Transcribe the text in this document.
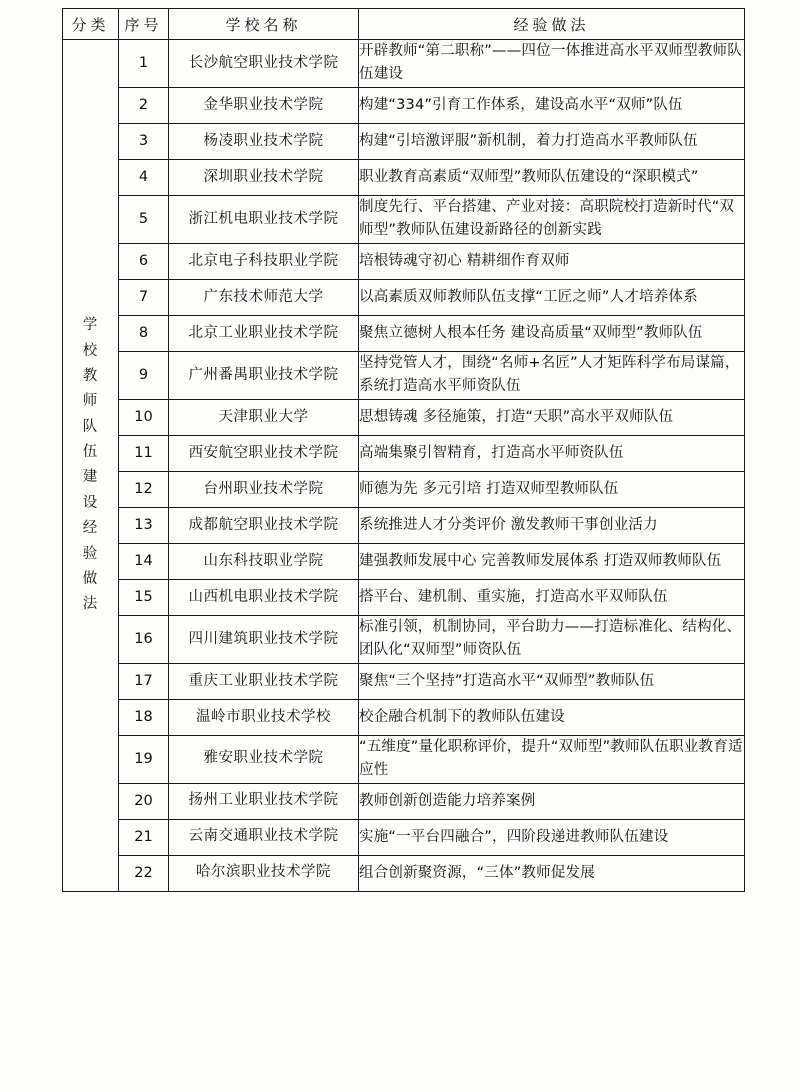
分类	序号	学校名称	经验做法

学校教师队伍建设经验做法	1	长沙航空职业技术学院	开辟教师“第二职称”——四位一体推进高水平双师型教师队伍建设
	2	金华职业技术学院	构建“334”引育工作体系，建设高水平“双师”队伍
	3	杨凌职业技术学院	构建“引培激评服”新机制，着力打造高水平教师队伍
	4	深圳职业技术学院	职业教育高素质“双师型”教师队伍建设的“深职模式”
	5	浙江机电职业技术学院	制度先行、平台搭建、产业对接：高职院校打造新时代“双师型”教师队伍建设新路径的创新实践
	6	北京电子科技职业学院	培根铸魂守初心 精耕细作育双师
	7	广东技术师范大学	以高素质双师教师队伍支撑“工匠之师”人才培养体系
	8	北京工业职业技术学院	聚焦立德树人根本任务 建设高质量“双师型”教师队伍
	9	广州番禺职业技术学院	坚持党管人才，围绕“名师+名匠”人才矩阵科学布局谋篇，系统打造高水平师资队伍
	10	天津职业大学	思想铸魂 多径施策，打造“天职”高水平双师队伍
	11	西安航空职业技术学院	高端集聚引智精育，打造高水平师资队伍
	12	台州职业技术学院	师德为先 多元引培 打造双师型教师队伍
	13	成都航空职业技术学院	系统推进人才分类评价 激发教师干事创业活力
	14	山东科技职业学院	建强教师发展中心 完善教师发展体系 打造双师教师队伍
	15	山西机电职业技术学院	搭平台、建机制、重实施，打造高水平双师队伍
	16	四川建筑职业技术学院	标准引领，机制协同，平台助力——打造标准化、结构化、团队化“双师型”师资队伍
	17	重庆工业职业技术学院	聚焦“三个坚持”打造高水平“双师型”教师队伍
	18	温岭市职业技术学校	校企融合机制下的教师队伍建设
	19	雅安职业技术学院	“五维度”量化职称评价，提升“双师型”教师队伍职业教育适应性
	20	扬州工业职业技术学院	教师创新创造能力培养案例
	21	云南交通职业技术学院	实施“一平台四融合”，四阶段递进教师队伍建设
	22	哈尔滨职业技术学院	组合创新聚资源，“三体”教师促发展
